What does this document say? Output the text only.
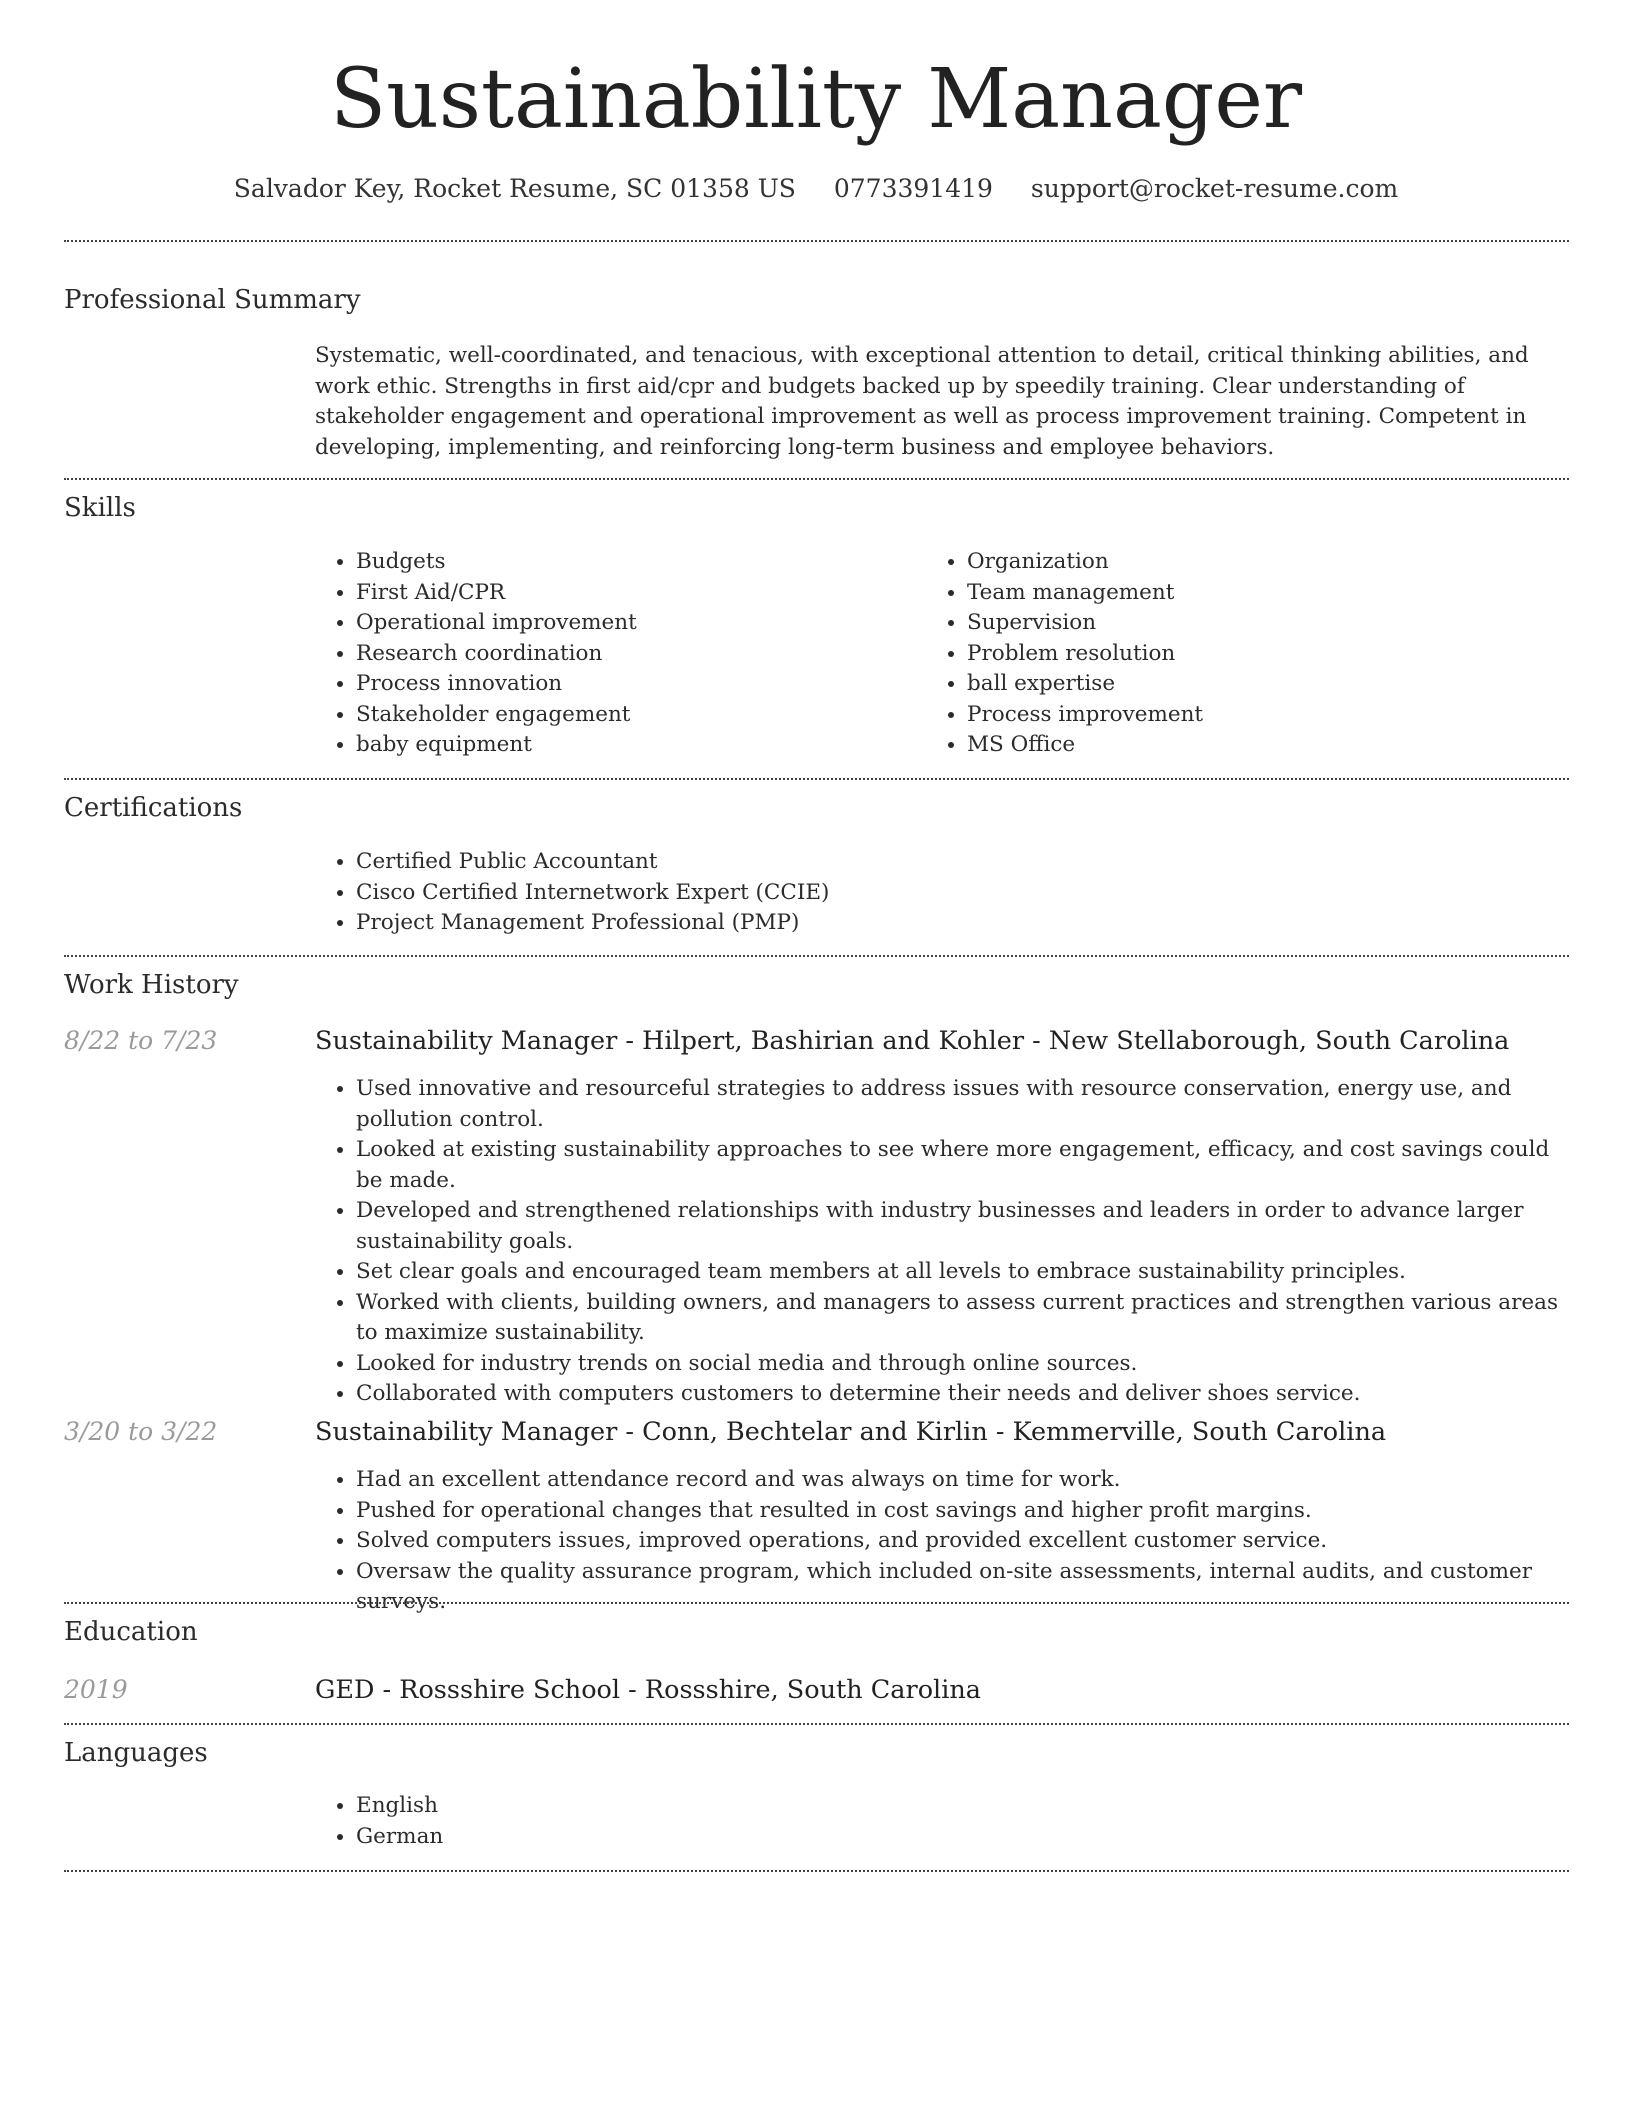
Sustainability Manager
Salvador Key, Rocket Resume, SC 01358 US 0773391419 support@rocket-resume.com
Professional Summary

Systematic, well-coordinated, and tenacious, with exceptional attention to detail, critical thinking abilities, and work ethic. Strengths in first aid/cpr and budgets backed up by speedily training. Clear understanding of stakeholder engagement and operational improvement as well as process improvement training. Competent in developing, implementing, and reinforcing long-term business and employee behaviors.

Skills
• Budgets
• First Aid/CPR
• Operational improvement
• Research coordination
• Process innovation
• Stakeholder engagement
• baby equipment
• Organization
• Team management
• Supervision
• Problem resolution
• ball expertise
• Process improvement
• MS Office
Certifications
• Certified Public Accountant
• Cisco Certified Internetwork Expert (CCIE)
• Project Management Professional (PMP)
Work History
8/22 to 7/23	Sustainability Manager - Hilpert, Bashirian and Kohler - New Stellaborough, South Carolina
• Used innovative and resourceful strategies to address issues with resource conservation, energy use, and pollution control.
• Looked at existing sustainability approaches to see where more engagement, efficacy, and cost savings could be made.
• Developed and strengthened relationships with industry businesses and leaders in order to advance larger sustainability goals.
• Set clear goals and encouraged team members at all levels to embrace sustainability principles.
• Worked with clients, building owners, and managers to assess current practices and strengthen various areas to maximize sustainability.
• Looked for industry trends on social media and through online sources.
• Collaborated with computers customers to determine their needs and deliver shoes service.
3/20 to 3/22	Sustainability Manager - Conn, Bechtelar and Kirlin - Kemmerville, South Carolina
• Had an excellent attendance record and was always on time for work.
• Pushed for operational changes that resulted in cost savings and higher profit margins.
• Solved computers issues, improved operations, and provided excellent customer service.
• Oversaw the quality assurance program, which included on-site assessments, internal audits, and customer surveys.
Education
2019	GED - Rossshire School - Rossshire, South Carolina
Languages
• English
• German
